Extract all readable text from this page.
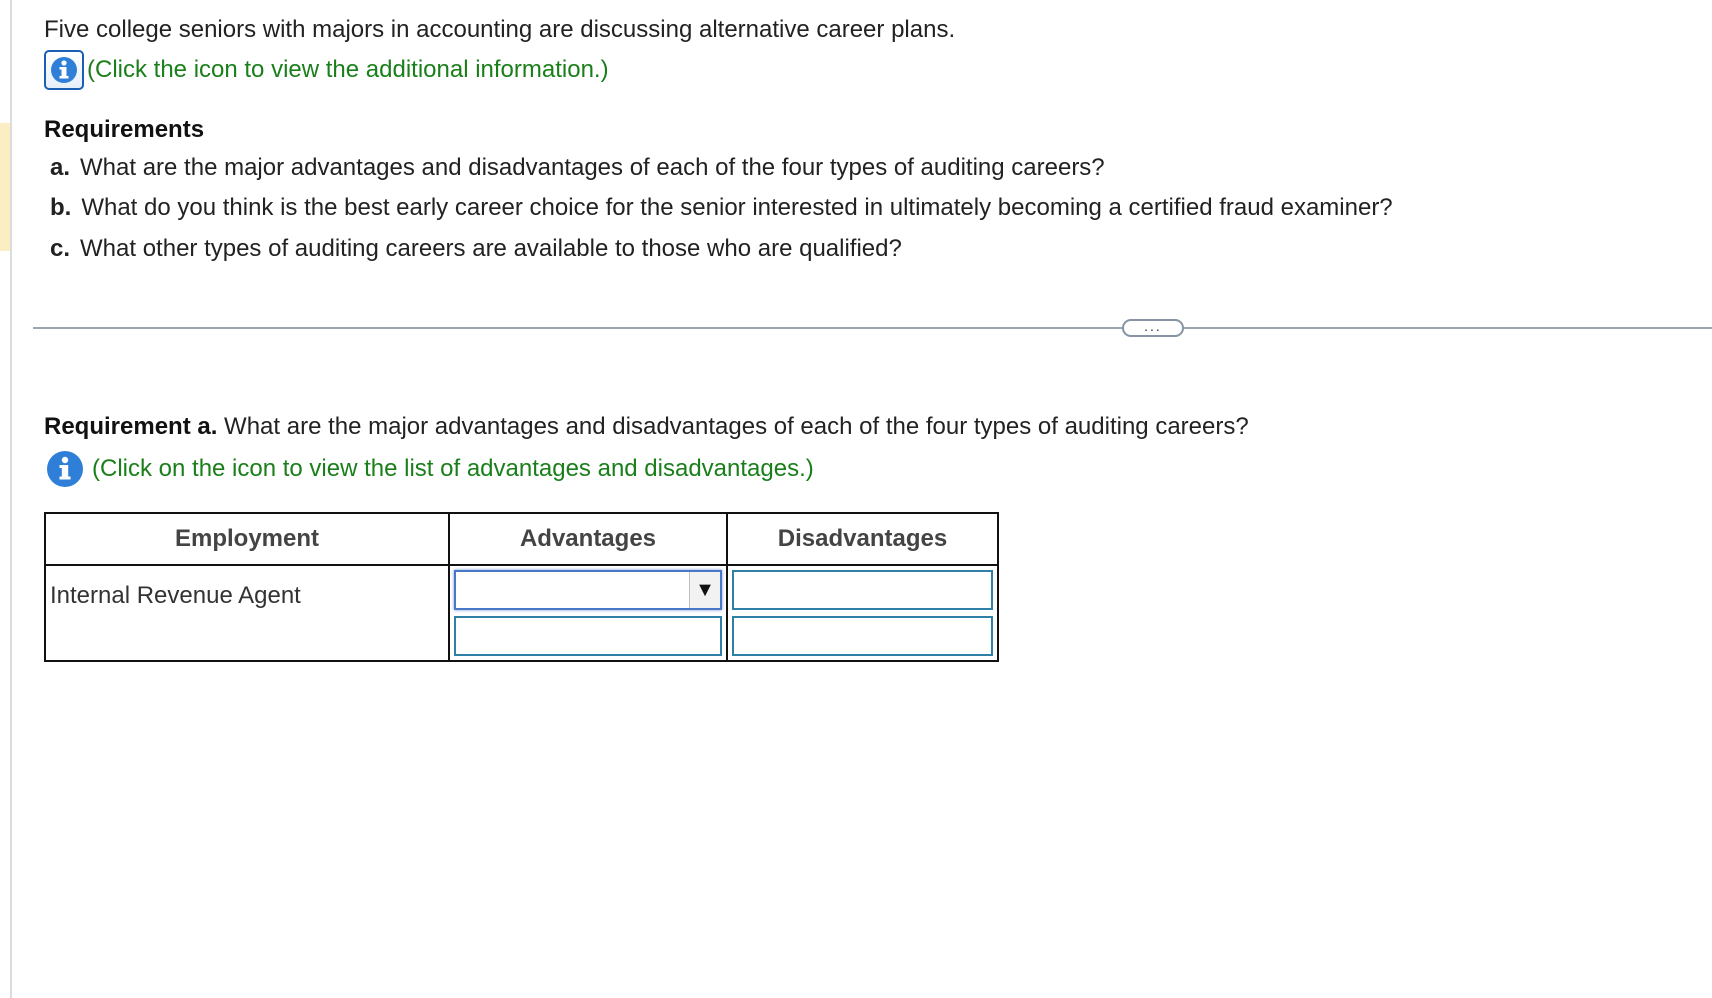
Five college seniors with majors in accounting are discussing alternative career plans.
(Click the icon to view the additional information.)
Requirements
a. What are the major advantages and disadvantages of each of the four types of auditing careers?
b. What do you think is the best early career choice for the senior interested in ultimately becoming a certified fraud examiner?
c. What other types of auditing careers are available to those who are qualified?
...
Requirement a. What are the major advantages and disadvantages of each of the four types of auditing careers?
(Click on the icon to view the list of advantages and disadvantages.)
Employment	Advantages	Disadvantages

Internal Revenue Agent	▼
